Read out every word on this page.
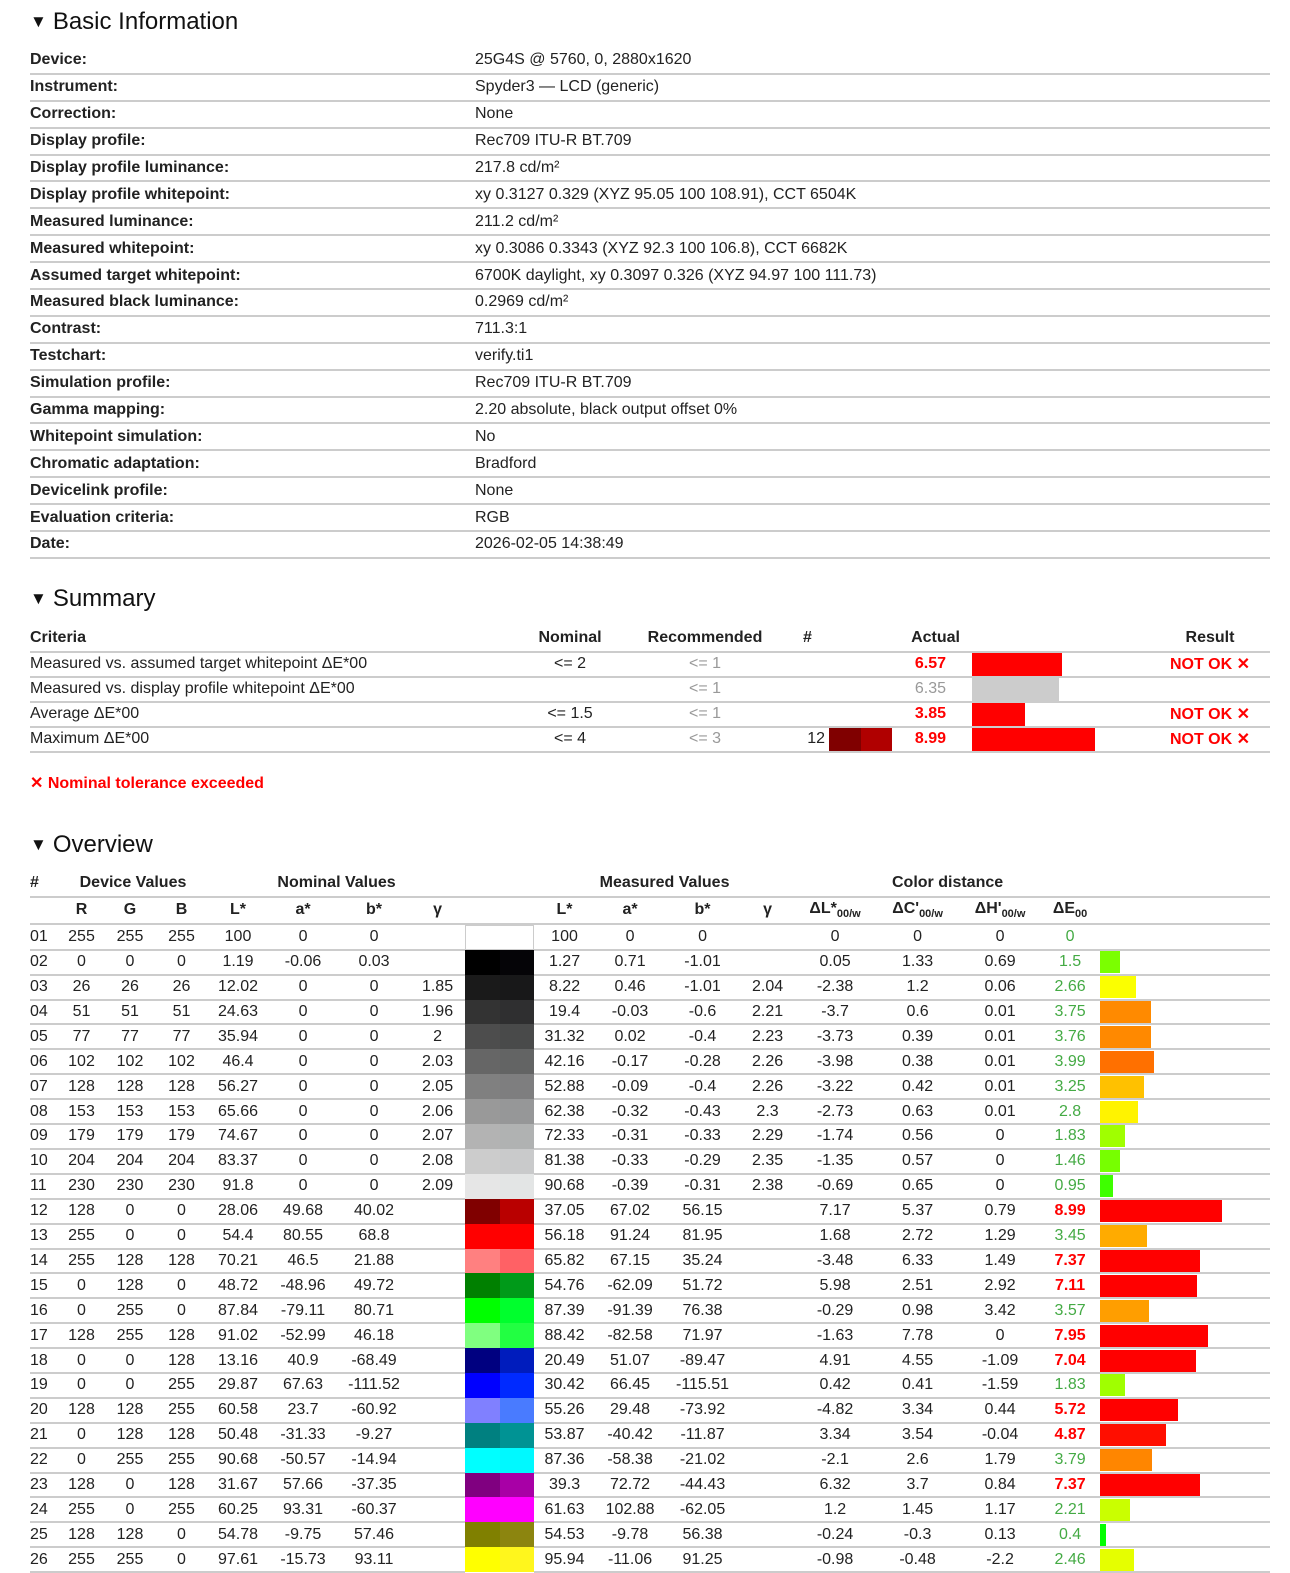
▼ Basic Information
Device:	25G4S @ 5760, 0, 2880x1620
Instrument:	Spyder3 — LCD (generic)
Correction:	None
Display profile:	Rec709 ITU-R BT.709
Display profile luminance:	217.8 cd/m²
Display profile whitepoint:	xy 0.3127 0.329 (XYZ 95.05 100 108.91), CCT 6504K
Measured luminance:	211.2 cd/m²
Measured whitepoint:	xy 0.3086 0.3343 (XYZ 92.3 100 106.8), CCT 6682K
Assumed target whitepoint:	6700K daylight, xy 0.3097 0.326 (XYZ 94.97 100 111.73)
Measured black luminance:	0.2969 cd/m²
Contrast:	711.3:1
Testchart:	verify.ti1
Simulation profile:	Rec709 ITU-R BT.709
Gamma mapping:	2.20 absolute, black output offset 0%
Whitepoint simulation:	No
Chromatic adaptation:	Bradford
Devicelink profile:	None
Evaluation criteria:	RGB
Date:	2026-02-05 14:38:49
▼ Summary
Criteria	Nominal	Recommended	#		Actual		Result
Measured vs. assumed target whitepoint ΔE*00	<= 2	<= 1			6.57		NOT OK ✕
Measured vs. display profile whitepoint ΔE*00		<= 1			6.35	

Average ΔE*00	<= 1.5	<= 1			3.85		NOT OK ✕
Maximum ΔE*00	<= 4	<= 3	12		8.99		NOT OK ✕
✕ Nominal tolerance exceeded
▼ Overview
#	Device Values			Nominal Values					Measured Values				Color distance				
	R	G	B	L*	a*	b*	γ		L*	a*	b*	γ	$\Delta L*_{00/w}$	$\Delta C'_{00/w}$	$\Delta H'_{00/w}$	$\Delta E_{00}$	
01	255	255	255	100	0	0			100	0	0		0	0	0	0	
02	0	0	0	1.19	-0.06	0.03			1.27	0.71	-1.01		0.05	1.33	0.69	1.5	

03	26	26	26	12.02	0	0	1.85		8.22	0.46	-1.01	2.04	-2.38	1.2	0.06	2.66	

04	51	51	51	24.63	0	0	1.96		19.4	-0.03	-0.6	2.21	-3.7	0.6	0.01	3.75	

05	77	77	77	35.94	0	0	2		31.32	0.02	-0.4	2.23	-3.73	0.39	0.01	3.76	

06	102	102	102	46.4	0	0	2.03		42.16	-0.17	-0.28	2.26	-3.98	0.38	0.01	3.99	

07	128	128	128	56.27	0	0	2.05		52.88	-0.09	-0.4	2.26	-3.22	0.42	0.01	3.25	

08	153	153	153	65.66	0	0	2.06		62.38	-0.32	-0.43	2.3	-2.73	0.63	0.01	2.8	

09	179	179	179	74.67	0	0	2.07		72.33	-0.31	-0.33	2.29	-1.74	0.56	0	1.83	

10	204	204	204	83.37	0	0	2.08		81.38	-0.33	-0.29	2.35	-1.35	0.57	0	1.46	

11	230	230	230	91.8	0	0	2.09		90.68	-0.39	-0.31	2.38	-0.69	0.65	0	0.95	

12	128	0	0	28.06	49.68	40.02			37.05	67.02	56.15		7.17	5.37	0.79	8.99	

13	255	0	0	54.4	80.55	68.8			56.18	91.24	81.95		1.68	2.72	1.29	3.45	

14	255	128	128	70.21	46.5	21.88			65.82	67.15	35.24		-3.48	6.33	1.49	7.37	

15	0	128	0	48.72	-48.96	49.72			54.76	-62.09	51.72		5.98	2.51	2.92	7.11	

16	0	255	0	87.84	-79.11	80.71			87.39	-91.39	76.38		-0.29	0.98	3.42	3.57	

17	128	255	128	91.02	-52.99	46.18			88.42	-82.58	71.97		-1.63	7.78	0	7.95	

18	0	0	128	13.16	40.9	-68.49			20.49	51.07	-89.47		4.91	4.55	-1.09	7.04	

19	0	0	255	29.87	67.63	-111.52			30.42	66.45	-115.51		0.42	0.41	-1.59	1.83	

20	128	128	255	60.58	23.7	-60.92			55.26	29.48	-73.92		-4.82	3.34	0.44	5.72	

21	0	128	128	50.48	-31.33	-9.27			53.87	-40.42	-11.87		3.34	3.54	-0.04	4.87	

22	0	255	255	90.68	-50.57	-14.94			87.36	-58.38	-21.02		-2.1	2.6	1.79	3.79	

23	128	0	128	31.67	57.66	-37.35			39.3	72.72	-44.43		6.32	3.7	0.84	7.37	

24	255	0	255	60.25	93.31	-60.37			61.63	102.88	-62.05		1.2	1.45	1.17	2.21	

25	128	128	0	54.78	-9.75	57.46			54.53	-9.78	56.38		-0.24	-0.3	0.13	0.4	

26	255	255	0	97.61	-15.73	93.11			95.94	-11.06	91.25		-0.98	-0.48	-2.2	2.46	
